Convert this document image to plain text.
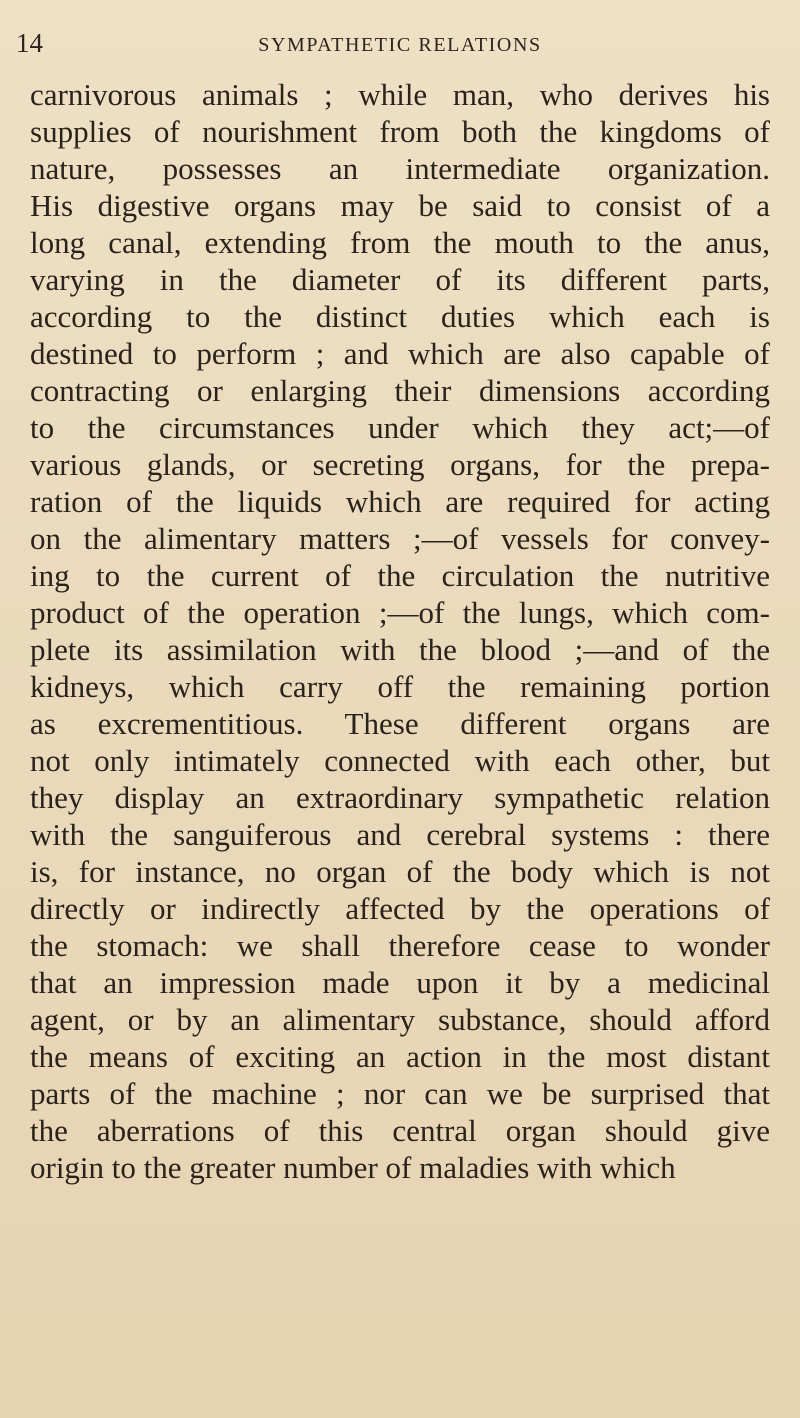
14	SYMPATHETIC RELATIONS
carnivorous animals ; while man, who derives his
supplies of nourishment from both the kingdoms of
nature, possesses an intermediate organization.
His digestive organs may be said to consist of a
long canal, extending from the mouth to the anus,
varying in the diameter of its different parts,
according to the distinct duties which each is
destined to perform ; and which are also capable of
contracting or enlarging their dimensions according
to the circumstances under which they act;—of
various glands, or secreting organs, for the prepa-
ration of the liquids which are required for acting
on the alimentary matters ;—of vessels for convey-
ing to the current of the circulation the nutritive
product of the operation ;—of the lungs, which com-
plete its assimilation with the blood ;—and of the
kidneys, which carry off the remaining portion
as excrementitious. These different organs are
not only intimately connected with each other, but
they display an extraordinary sympathetic relation
with the sanguiferous and cerebral systems : there
is, for instance, no organ of the body which is not
directly or indirectly affected by the operations of
the stomach: we shall therefore cease to wonder
that an impression made upon it by a medicinal
agent, or by an alimentary substance, should afford
the means of exciting an action in the most distant
parts of the machine ; nor can we be surprised that
the aberrations of this central organ should give
origin to the greater number of maladies with which
